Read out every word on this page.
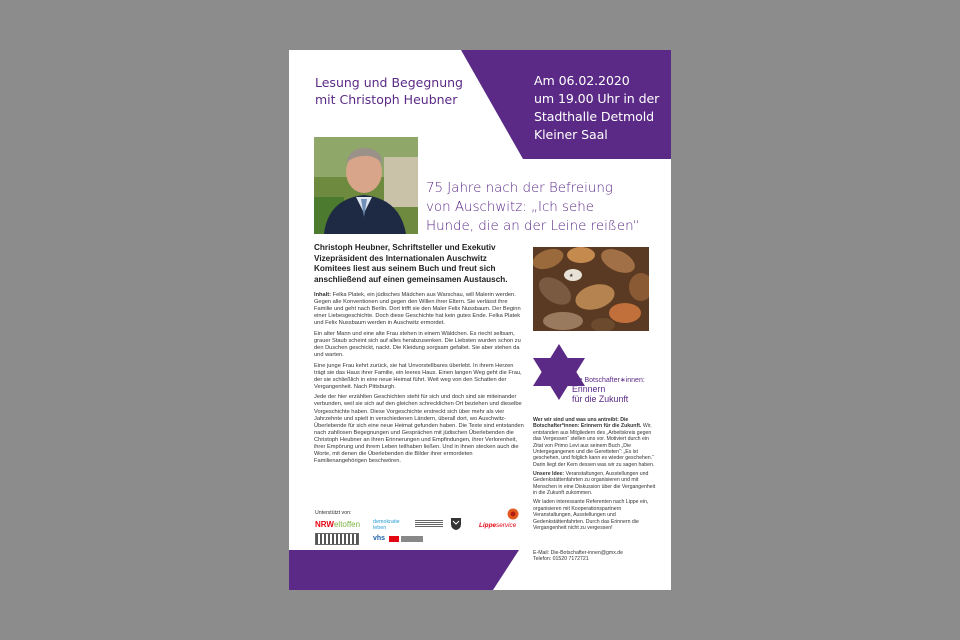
Am 06.02.2020
um 19.00 Uhr in der
Stadthalle Detmold
Kleiner Saal
Lesung und Begegnung
mit Christoph Heubner
75 Jahre nach der Befreiung
von Auschwitz: „Ich sehe
Hunde, die an der Leine reißen“
Christoph Heubner, Schriftsteller und Exekutiv Vizepräsident des Internationalen Auschwitz Komitees liest aus seinem Buch und freut sich anschließend auf einen gemeinsamen Austausch.

Inhalt: Felka Platek, ein jüdisches Mädchen aus Warschau, will Malerin werden. Gegen alle Konventionen und gegen den Willen ihrer Eltern. Sie verlässt ihre Familie und geht nach Berlin. Dort trifft sie den Maler Felix Nussbaum. Der Beginn einer Liebesgeschichte. Doch diese Geschichte hat kein gutes Ende. Felka Platek und Felix Nussbaum werden in Auschwitz ermordet.

Ein alter Mann und eine alte Frau stehen in einem Wäldchen. Es riecht seltsam, grauer Staub scheint sich auf alles herabzusenken. Die Liebsten wurden schon zu den Duschen geschickt, nackt. Die Kleidung sorgsam gefaltet. Sie aber stehen da und warten.

Eine junge Frau kehrt zurück, sie hat Unvorstellbares überlebt. In ihrem Herzen trägt sie das Haus ihrer Familie, ein leeres Haus. Einen langen Weg geht die Frau, der sie schließlich in eine neue Heimat führt. Weit weg von den Schatten der Vergangenheit. Nach Pittsburgh.

Jede der hier erzählten Geschichten steht für sich und doch sind sie miteinander verbunden, weil sie sich auf den gleichen schrecklichen Ort beziehen und dieselbe Vorgeschichte haben. Diese Vorgeschichte erstreckt sich über mehr als vier Jahrzehnte und spielt in verschiedenen Ländern, überall dort, wo Auschwitz-Überlebende für sich eine neue Heimat gefunden haben. Die Texte sind entstanden nach zahllosen Begegnungen und Gesprächen mit jüdischen Überlebenden die Christoph Heubner an ihren Erinnerungen und Empfindungen, ihrer Verlorenheit, ihrer Empörung und ihrem Leben teilhaben ließen. Und in ihnen stecken auch die Worte, mit denen die Überlebenden die Bilder ihrer ermordeten Familienangehörigen beschwören.

★
Die Botschafter∗innen:
Erinnern
für die Zukunft

Wer wir sind und was uns antreibt: Die Botschafter*innen: Erinnern für die Zukunft. Wir, entstanden aus Mitgliedern des „Arbeitskreis gegen das Vergessen“ stellen uns vor. Motiviert durch ein Zitat von Primo Levi aus seinem Buch „Die Untergegangenen und die Geretteten“: „Es ist geschehen, und folglich kann es wieder geschehen.“ Darin liegt der Kern dessen was wir zu sagen haben.

Unsere Idee: Veranstaltungen, Ausstellungen und Gedenkstättenfahrten zu organisieren und mit Menschen in eine Diskussion über die Vergangenheit in die Zukunft zukommen.

Wir laden interessante Referenten nach Lippe ein, organisieren mit Kooperationspartnern Veranstaltungen, Ausstellungen und Gedenkstättenfahrten. Durch das Erinnern die Vergangenheit nicht zu vergessen!

E-Mail: Die-Botschafter-innen@gmx.de
Telefon: 01520 7172721
Unterstützt von:
NRWeltoffen demokratie leben
vhs
Lippeservice
